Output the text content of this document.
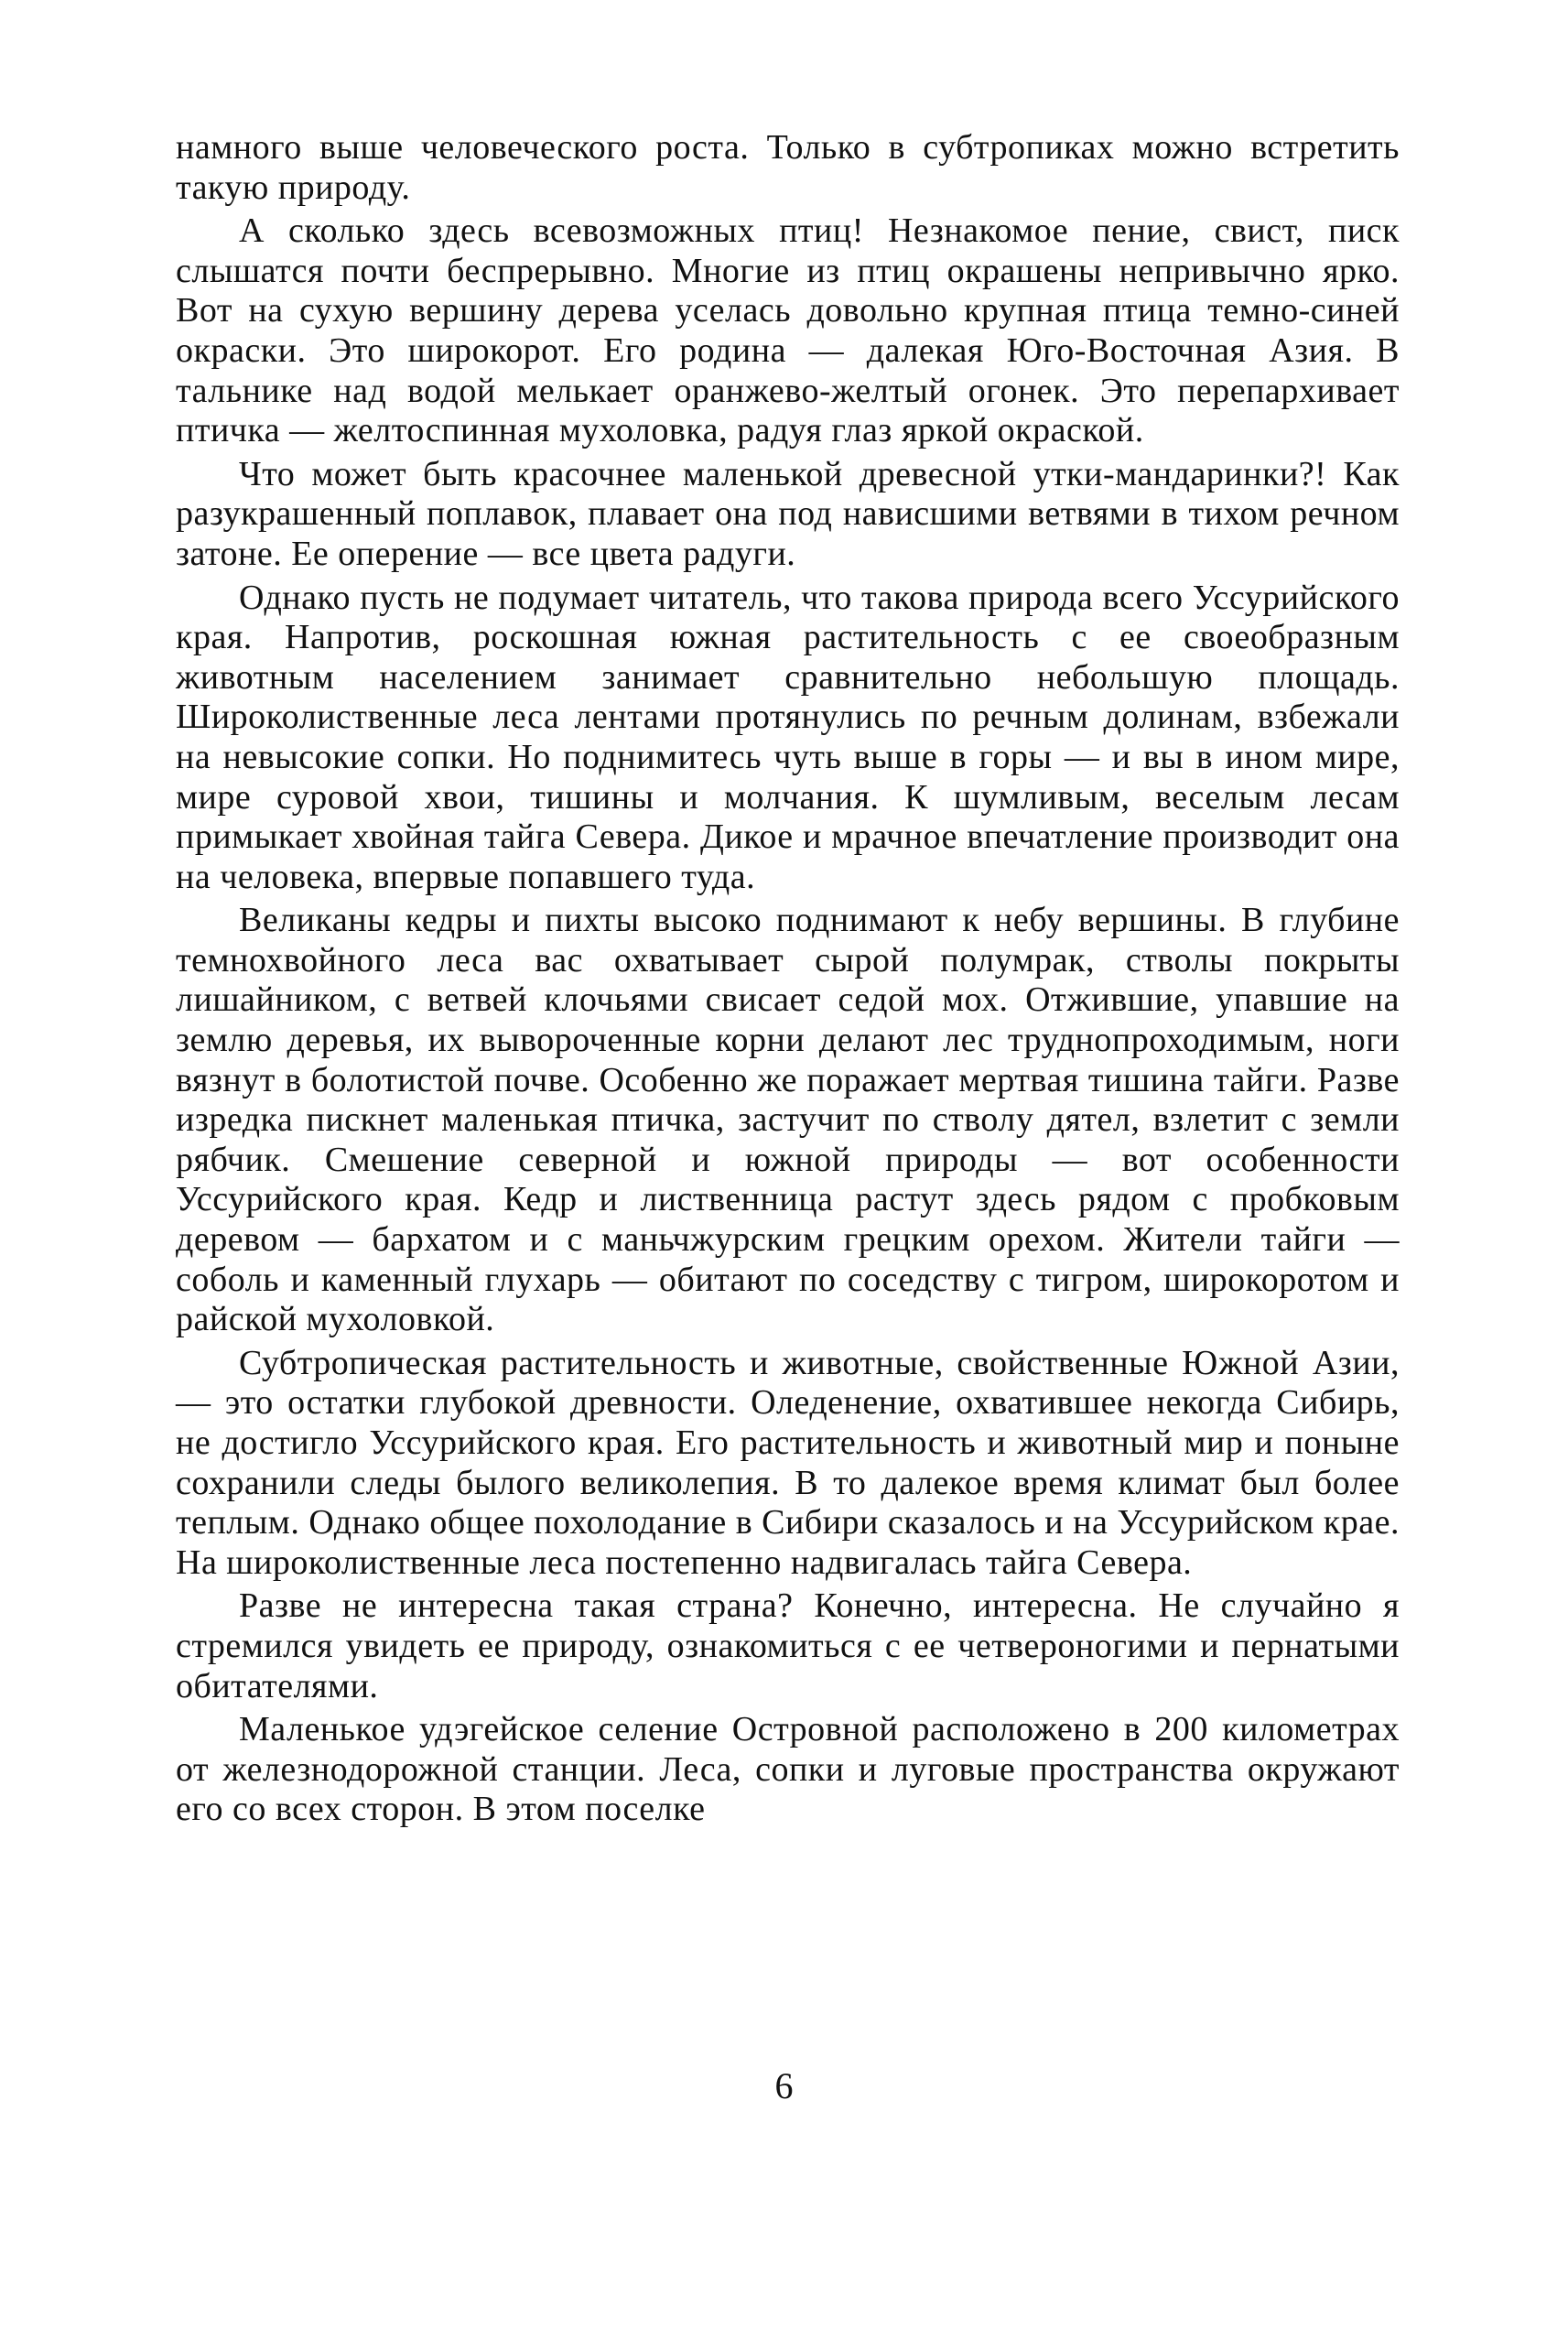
намного выше человеческого роста. Только в субтропиках можно встретить такую природу.

А сколько здесь всевозможных птиц! Незнакомое пение, свист, писк слышатся почти беспрерывно. Многие из птиц окрашены непривычно ярко. Вот на сухую вершину дерева уселась довольно крупная птица темно-синей окраски. Это широкорот. Его родина — далекая Юго-Восточная Азия. В тальнике над водой мелькает оранжево-желтый огонек. Это перепархивает птичка — желтоспинная мухоловка, радуя глаз яркой окраской.

Что может быть красочнее маленькой древесной утки-мандаринки?! Как разукрашенный поплавок, плавает она под нависшими ветвями в тихом речном затоне. Ее оперение — все цвета радуги.

Однако пусть не подумает читатель, что такова природа всего Уссурийского края. Напротив, роскошная южная растительность с ее своеобразным животным населением занимает сравнительно небольшую площадь. Широколиственные леса лентами протянулись по речным долинам, взбежали на невысокие сопки. Но поднимитесь чуть выше в горы — и вы в ином мире, мире суровой хвои, тишины и молчания. К шумливым, веселым лесам примыкает хвойная тайга Севера. Дикое и мрачное впечатление производит она на человека, впервые попавшего туда.

Великаны кедры и пихты высоко поднимают к небу вершины. В глубине темнохвойного леса вас охватывает сырой полумрак, стволы покрыты лишайником, с ветвей клочьями свисает седой мох. Отжившие, упавшие на землю деревья, их вывороченные корни делают лес труднопроходимым, ноги вязнут в болотистой почве. Особенно же поражает мертвая тишина тайги. Разве изредка пискнет маленькая птичка, застучит по стволу дятел, взлетит с земли рябчик. Смешение северной и южной природы — вот особенности Уссурийского края. Кедр и лиственница растут здесь рядом с пробковым деревом — бархатом и с маньчжурским грецким орехом. Жители тайги — соболь и каменный глухарь — обитают по соседству с тигром, широкоротом и райской мухоловкой.

Субтропическая растительность и животные, свойственные Южной Азии,— это остатки глубокой древности. Оледенение, охватившее некогда Сибирь, не достигло Уссурийского края. Его растительность и животный мир и поныне сохранили следы былого великолепия. В то далекое время климат был более теплым. Однако общее похолодание в Сибири сказалось и на Уссурийском крае. На широколиственные леса постепенно надвигалась тайга Севера.

Разве не интересна такая страна? Конечно, интересна. Не случайно я стремился увидеть ее природу, ознакомиться с ее четвероногими и пернатыми обитателями.

Маленькое удэгейское селение Островной расположено в 200 километрах от железнодорожной станции. Леса, сопки и луговые пространства окружают его со всех сторон. В этом поселке

6
